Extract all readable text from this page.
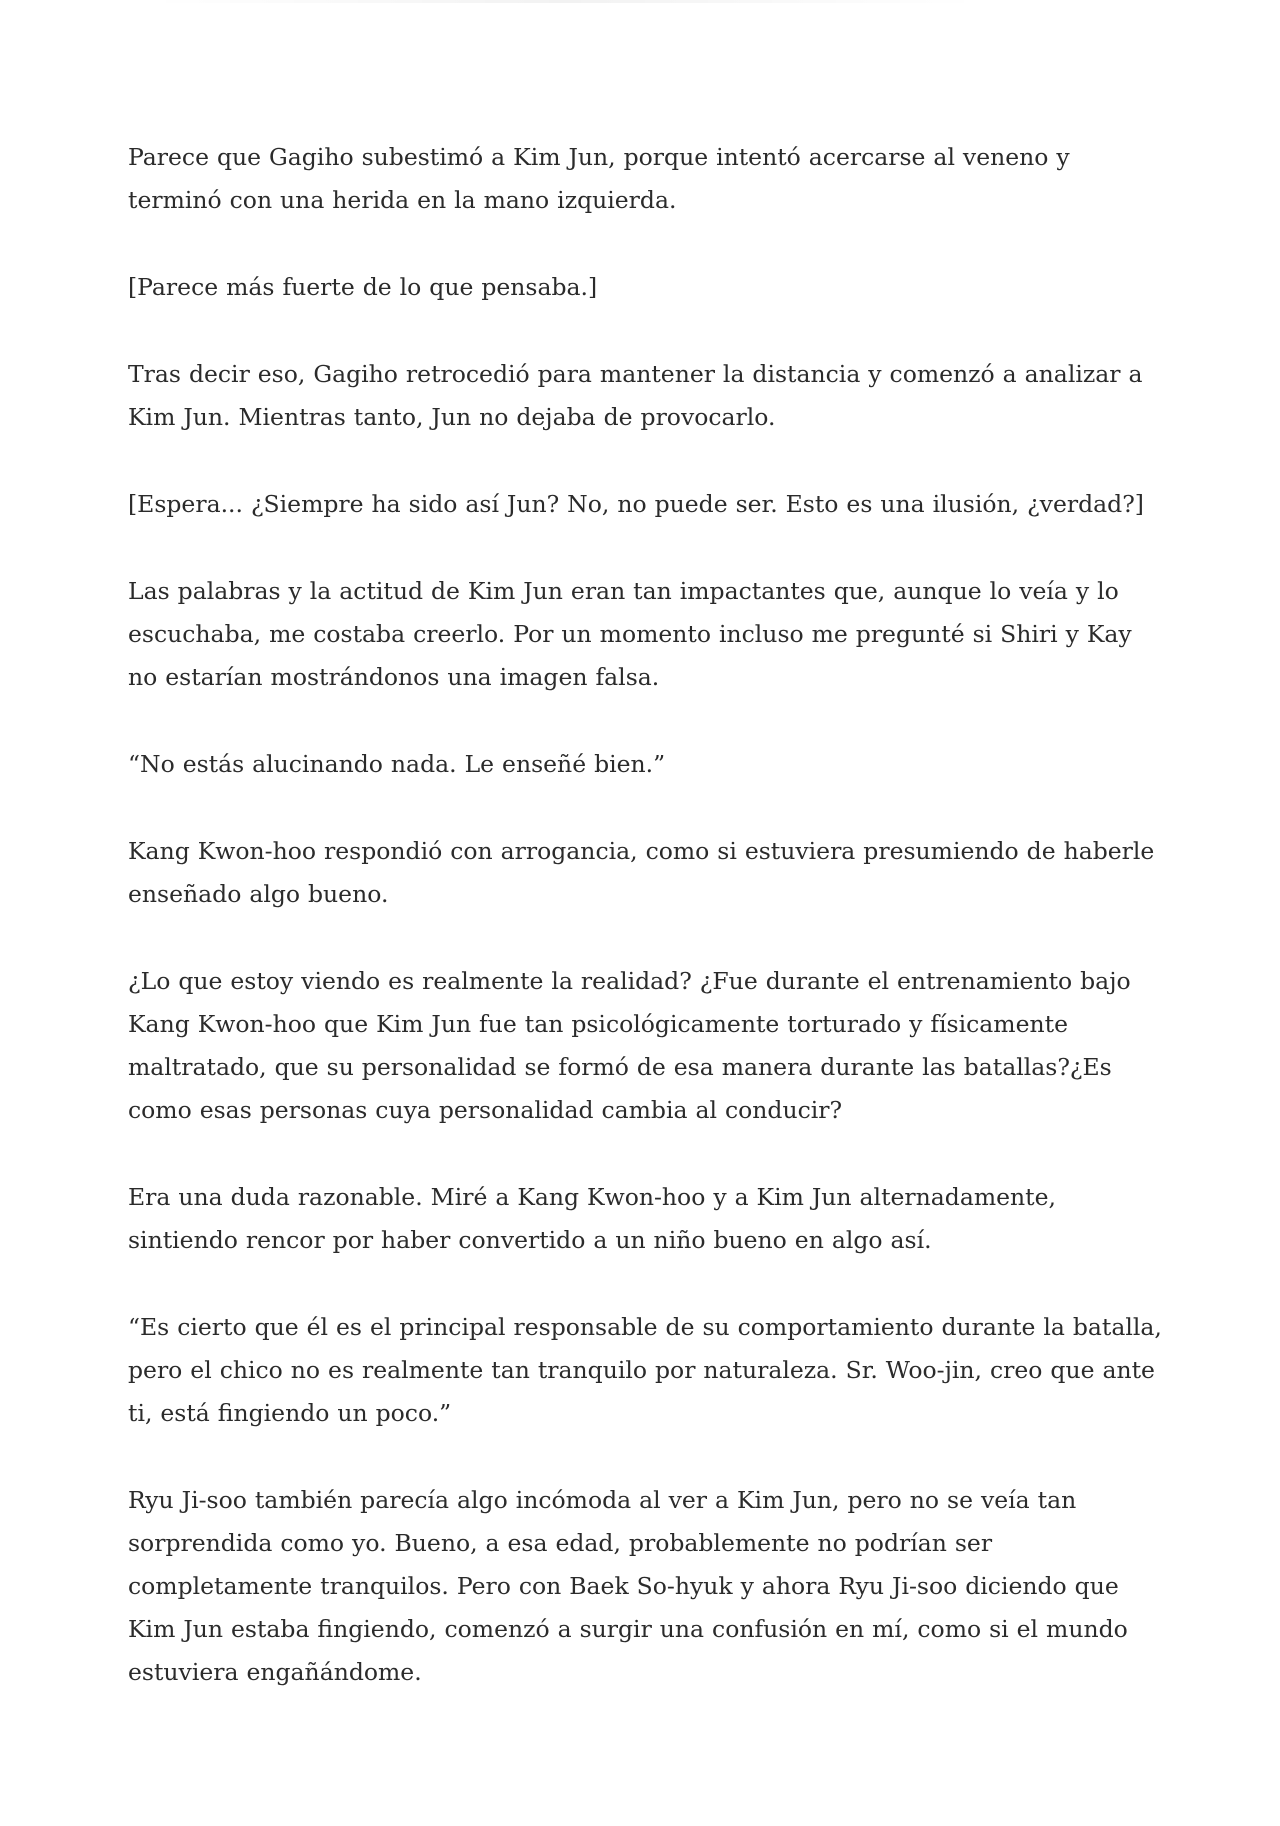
Parece que Gagiho subestimó a Kim Jun, porque intentó acercarse al veneno y terminó con una herida en la mano izquierda.

[Parece más fuerte de lo que pensaba.]

Tras decir eso, Gagiho retrocedió para mantener la distancia y comenzó a analizar a Kim Jun. Mientras tanto, Jun no dejaba de provocarlo.

[Espera... ¿Siempre ha sido así Jun? No, no puede ser. Esto es una ilusión, ¿verdad?]

Las palabras y la actitud de Kim Jun eran tan impactantes que, aunque lo veía y lo escuchaba, me costaba creerlo. Por un momento incluso me pregunté si Shiri y Kay no estarían mostrándonos una imagen falsa.

“No estás alucinando nada. Le enseñé bien.”

Kang Kwon-hoo respondió con arrogancia, como si estuviera presumiendo de haberle enseñado algo bueno.

¿Lo que estoy viendo es realmente la realidad? ¿Fue durante el entrenamiento bajo Kang Kwon-hoo que Kim Jun fue tan psicológicamente torturado y físicamente maltratado, que su personalidad se formó de esa manera durante las batallas?¿Es como esas personas cuya personalidad cambia al conducir?

Era una duda razonable. Miré a Kang Kwon-hoo y a Kim Jun alternadamente, sintiendo rencor por haber convertido a un niño bueno en algo así.

“Es cierto que él es el principal responsable de su comportamiento durante la batalla, pero el chico no es realmente tan tranquilo por naturaleza. Sr. Woo-jin, creo que ante ti, está fingiendo un poco.”

Ryu Ji-soo también parecía algo incómoda al ver a Kim Jun, pero no se veía tan sorprendida como yo. Bueno, a esa edad, probablemente no podrían ser completamente tranquilos. Pero con Baek So-hyuk y ahora Ryu Ji-soo diciendo que Kim Jun estaba fingiendo, comenzó a surgir una confusión en mí, como si el mundo estuviera engañándome.
